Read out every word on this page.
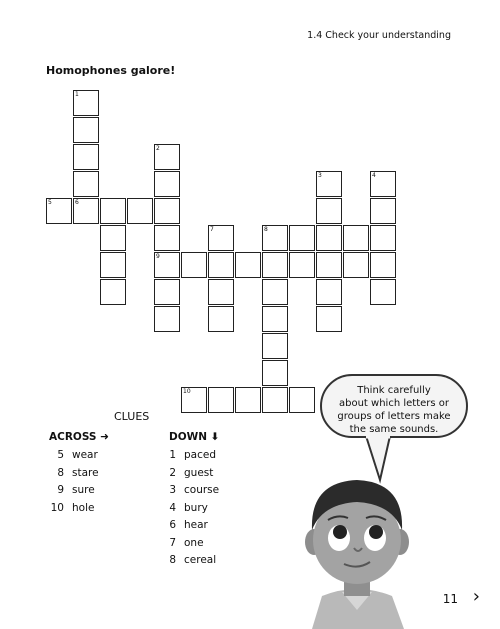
1.4 Check your understanding
Homophones galore!
1
2
3	4
5	6
7	8
9
10
CLUES
ACROSS ➜	DOWN ⬇
5 wear
8 stare
9 sure
10 hole
1 paced
2 guest
3 course
4 bury
6 hear
7 one
8 cereal
Think carefully
about which letters or
groups of letters make
the same sounds.
11 ›
